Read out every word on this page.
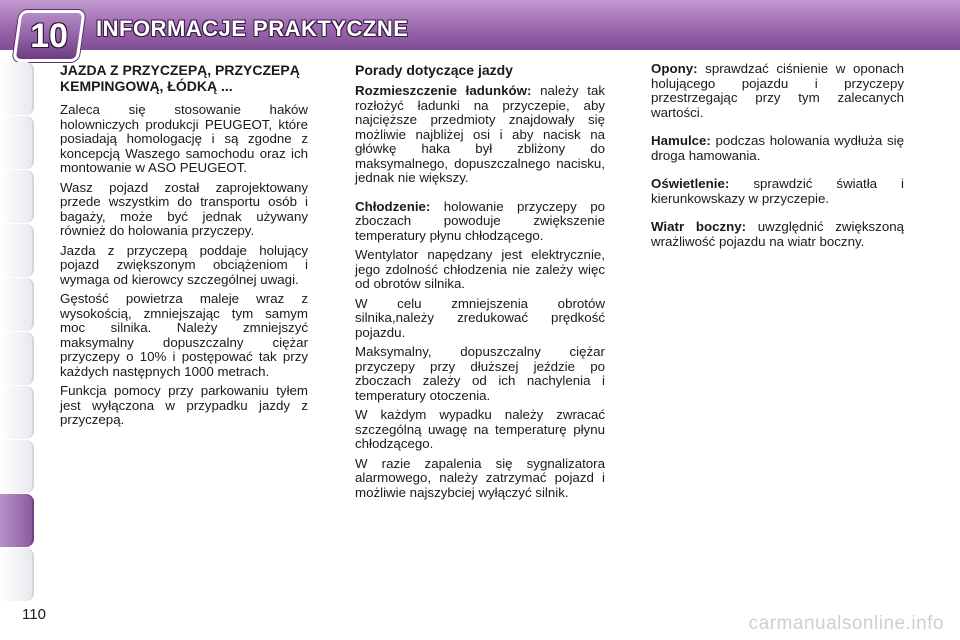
INFORMACJE PRAKTYCZNE
10
JAZDA Z PRZYCZEPĄ, PRZYCZEPĄ KEMPINGOWĄ, ŁÓDKĄ ...

Zaleca się stosowanie haków holowniczych produkcji PEUGEOT, które posiadają homologację i są zgodne z koncepcją Waszego samochodu oraz ich montowanie w ASO PEUGEOT.

Wasz pojazd został zaprojektowany przede wszystkim do transportu osób i bagaży, może być jednak używany również do holowania przyczepy.

Jazda z przyczepą poddaje holujący pojazd zwiększonym obciążeniom i wymaga od kierowcy szczególnej uwagi.

Gęstość powietrza maleje wraz z wysokością, zmniejszając tym samym moc silnika. Należy zmniejszyć maksymalny dopuszczalny ciężar przyczepy o 10% i postępować tak przy każdych następnych 1000 metrach.

Funkcja pomocy przy parkowaniu tyłem jest wyłączona w przypadku jazdy z przyczepą.

Porady dotyczące jazdy

Rozmieszczenie ładunków: należy tak rozłożyć ładunki na przyczepie, aby najcięższe przedmioty znajdowały się możliwie najbliżej osi i aby nacisk na główkę haka był zbliżony do maksymalnego, dopuszczalnego nacisku, jednak nie większy.

Chłodzenie: holowanie przyczepy po zboczach powoduje zwiększenie temperatury płynu chłodzącego.

Wentylator napędzany jest elektrycznie, jego zdolność chłodzenia nie zależy więc od obrotów silnika.

W celu zmniejszenia obrotów silnika,należy zredukować prędkość pojazdu.

Maksymalny, dopuszczalny ciężar przyczepy przy dłuższej jeździe po zboczach zależy od ich nachylenia i temperatury otoczenia.

W każdym wypadku należy zwracać szczególną uwagę na temperaturę płynu chłodzącego.

W razie zapalenia się sygnalizatora alarmowego, należy zatrzymać pojazd i możliwie najszybciej wyłączyć silnik.

Opony: sprawdzać ciśnienie w oponach holującego pojazdu i przyczepy przestrzegając przy tym zalecanych wartości.

Hamulce: podczas holowania wydłuża się droga hamowania.

Oświetlenie: sprawdzić światła i kierunkowskazy w przyczepie.

Wiatr boczny: uwzględnić zwiększoną wrażliwość pojazdu na wiatr boczny.

110	carmanualsonline.info
